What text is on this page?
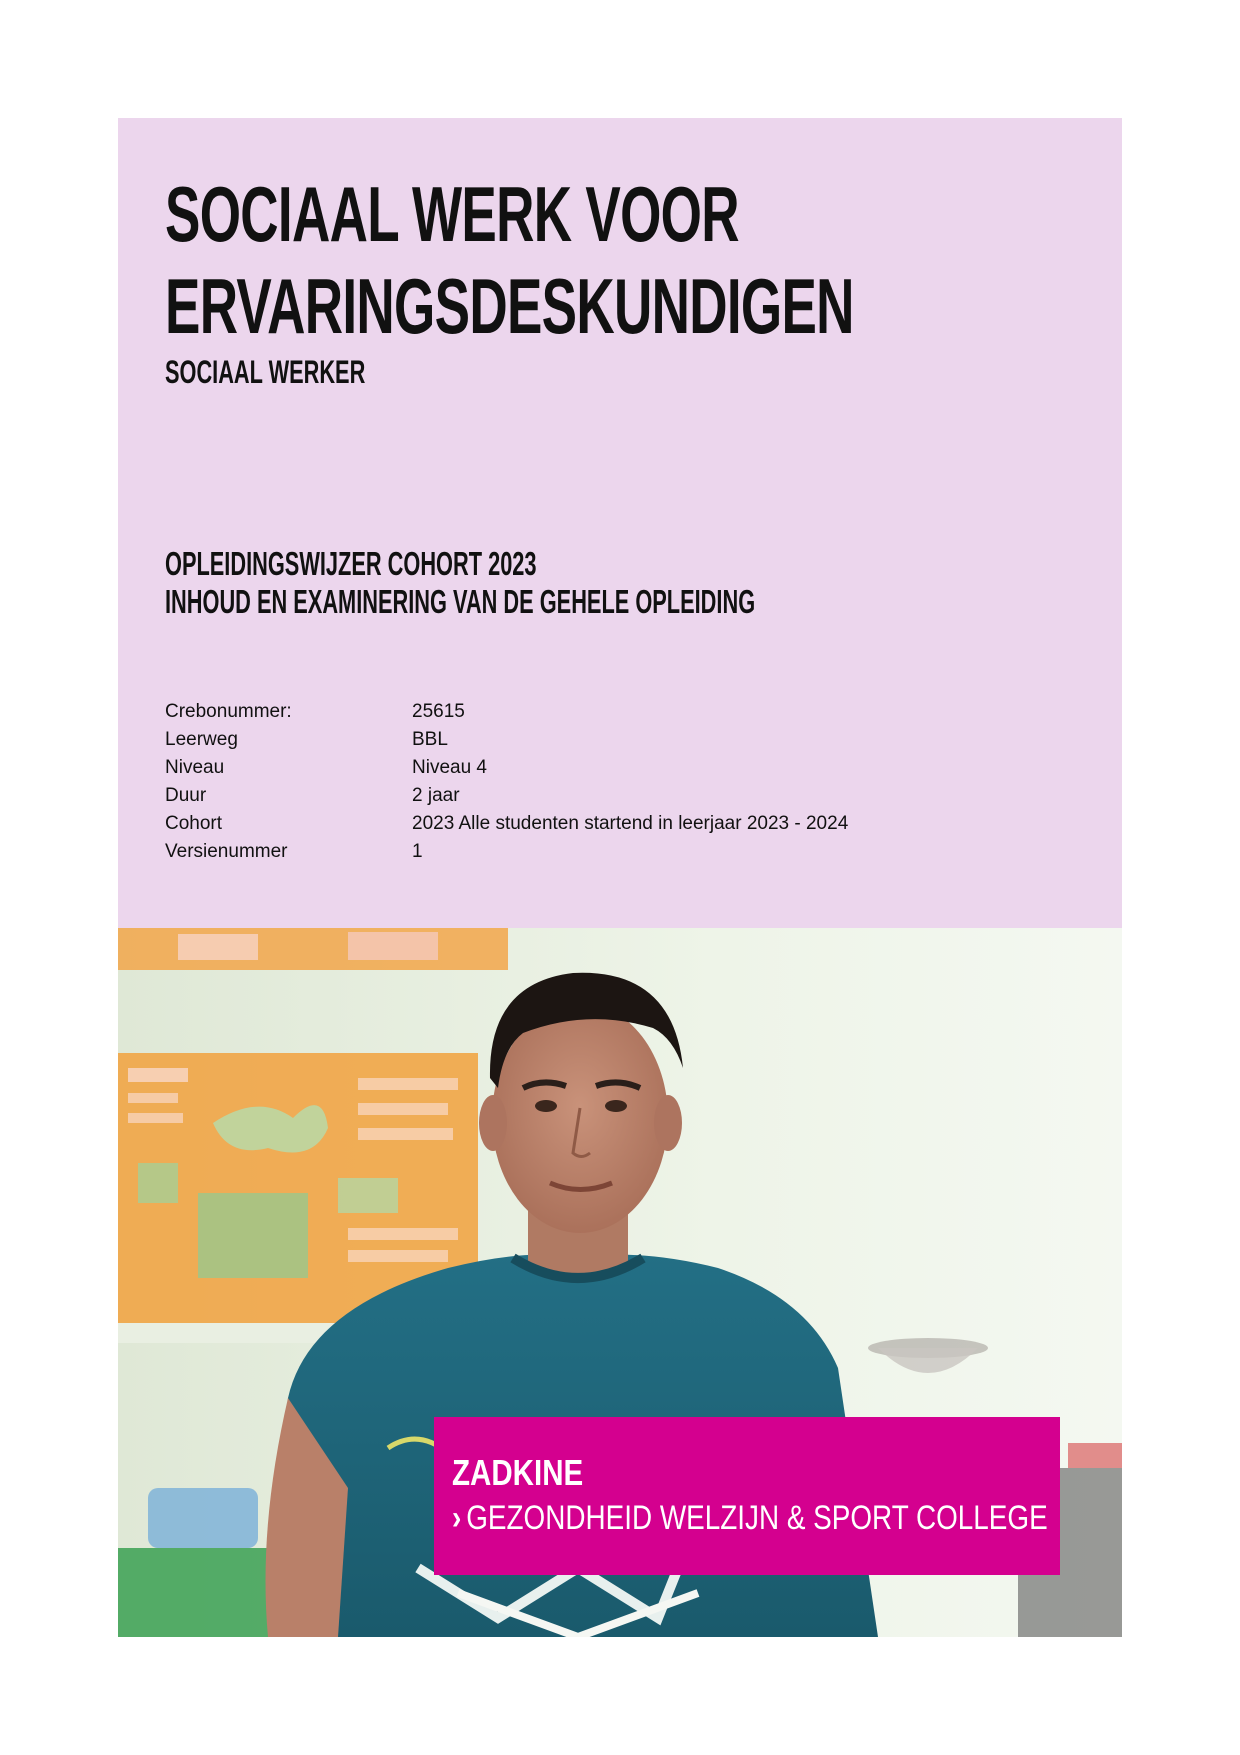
SOCIAAL WERK VOOR
ERVARINGSDESKUNDIGEN
SOCIAAL WERKER
OPLEIDINGSWIJZER COHORT 2023
INHOUD EN EXAMINERING VAN DE GEHELE OPLEIDING
Crebonummer:	25615
Leerweg	BBL
Niveau	Niveau 4
Duur	2 jaar
Cohort	2023 Alle studenten startend in leerjaar 2023 - 2024
Versienummer	1

ZADKINE

› GEZONDHEID WELZIJN & SPORT COLLEGE
